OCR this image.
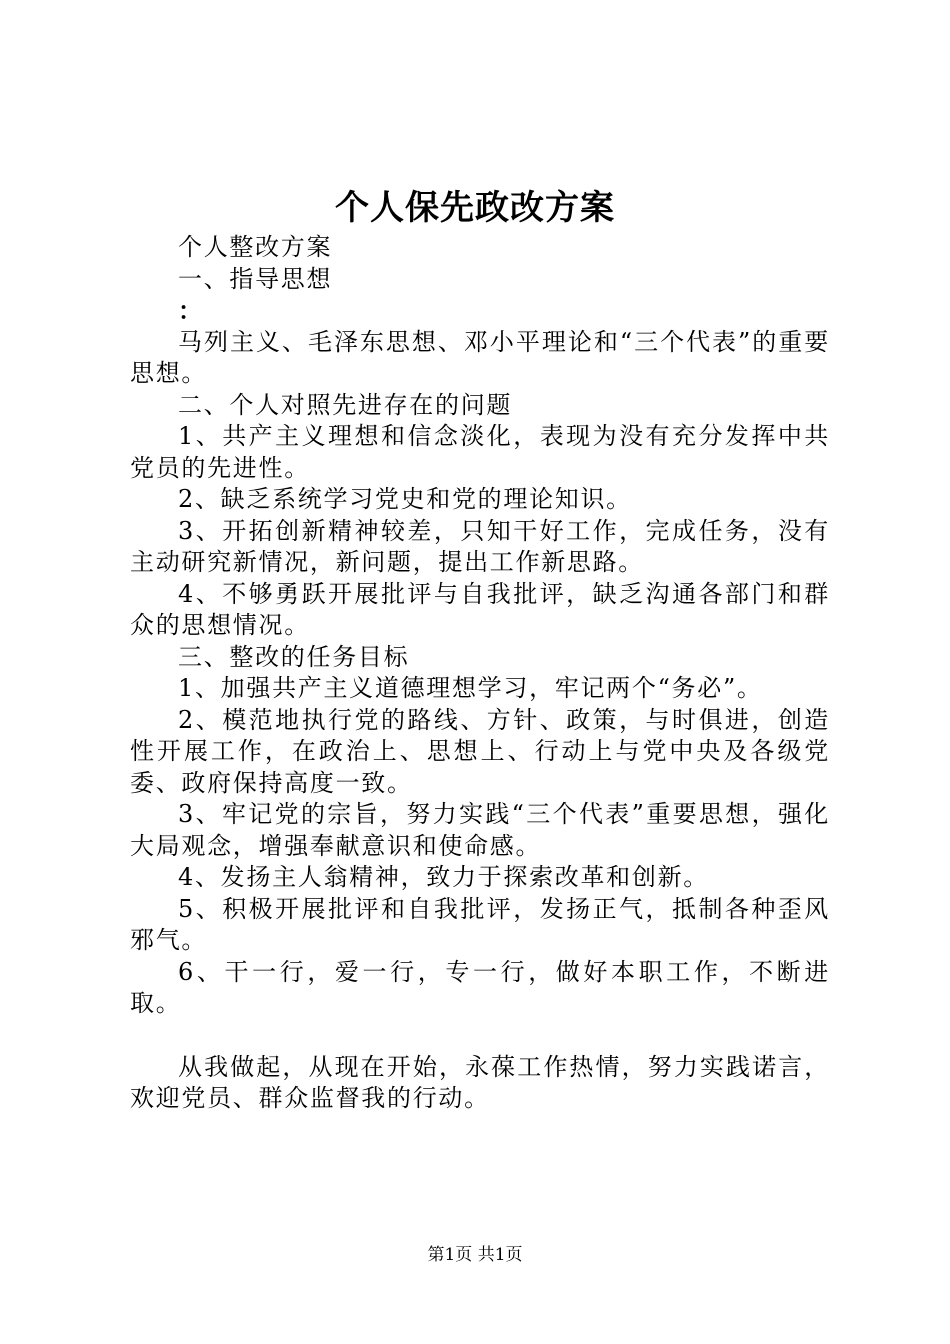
个人保先政改方案

个人整改方案

一、指导思想

：

马列主义、毛泽东思想、邓小平理论和“三个代表”的重要思想。

二、个人对照先进存在的问题

1、共产主义理想和信念淡化，表现为没有充分发挥中共党员的先进性。

2、缺乏系统学习党史和党的理论知识。

3、开拓创新精神较差，只知干好工作，完成任务，没有主动研究新情况，新问题，提出工作新思路。

4、不够勇跃开展批评与自我批评，缺乏沟通各部门和群众的思想情况。

三、整改的任务目标

1、加强共产主义道德理想学习，牢记两个“务必”。

2、模范地执行党的路线、方针、政策，与时俱进，创造性开展工作，在政治上、思想上、行动上与党中央及各级党委、政府保持高度一致。

3、牢记党的宗旨，努力实践“三个代表”重要思想，强化大局观念，增强奉献意识和使命感。

4、发扬主人翁精神，致力于探索改革和创新。

5、积极开展批评和自我批评，发扬正气，抵制各种歪风邪气。

6、干一行，爱一行，专一行，做好本职工作，不断进取。

从我做起，从现在开始，永葆工作热情，努力实践诺言，欢迎党员、群众监督我的行动。

第1页 共1页
